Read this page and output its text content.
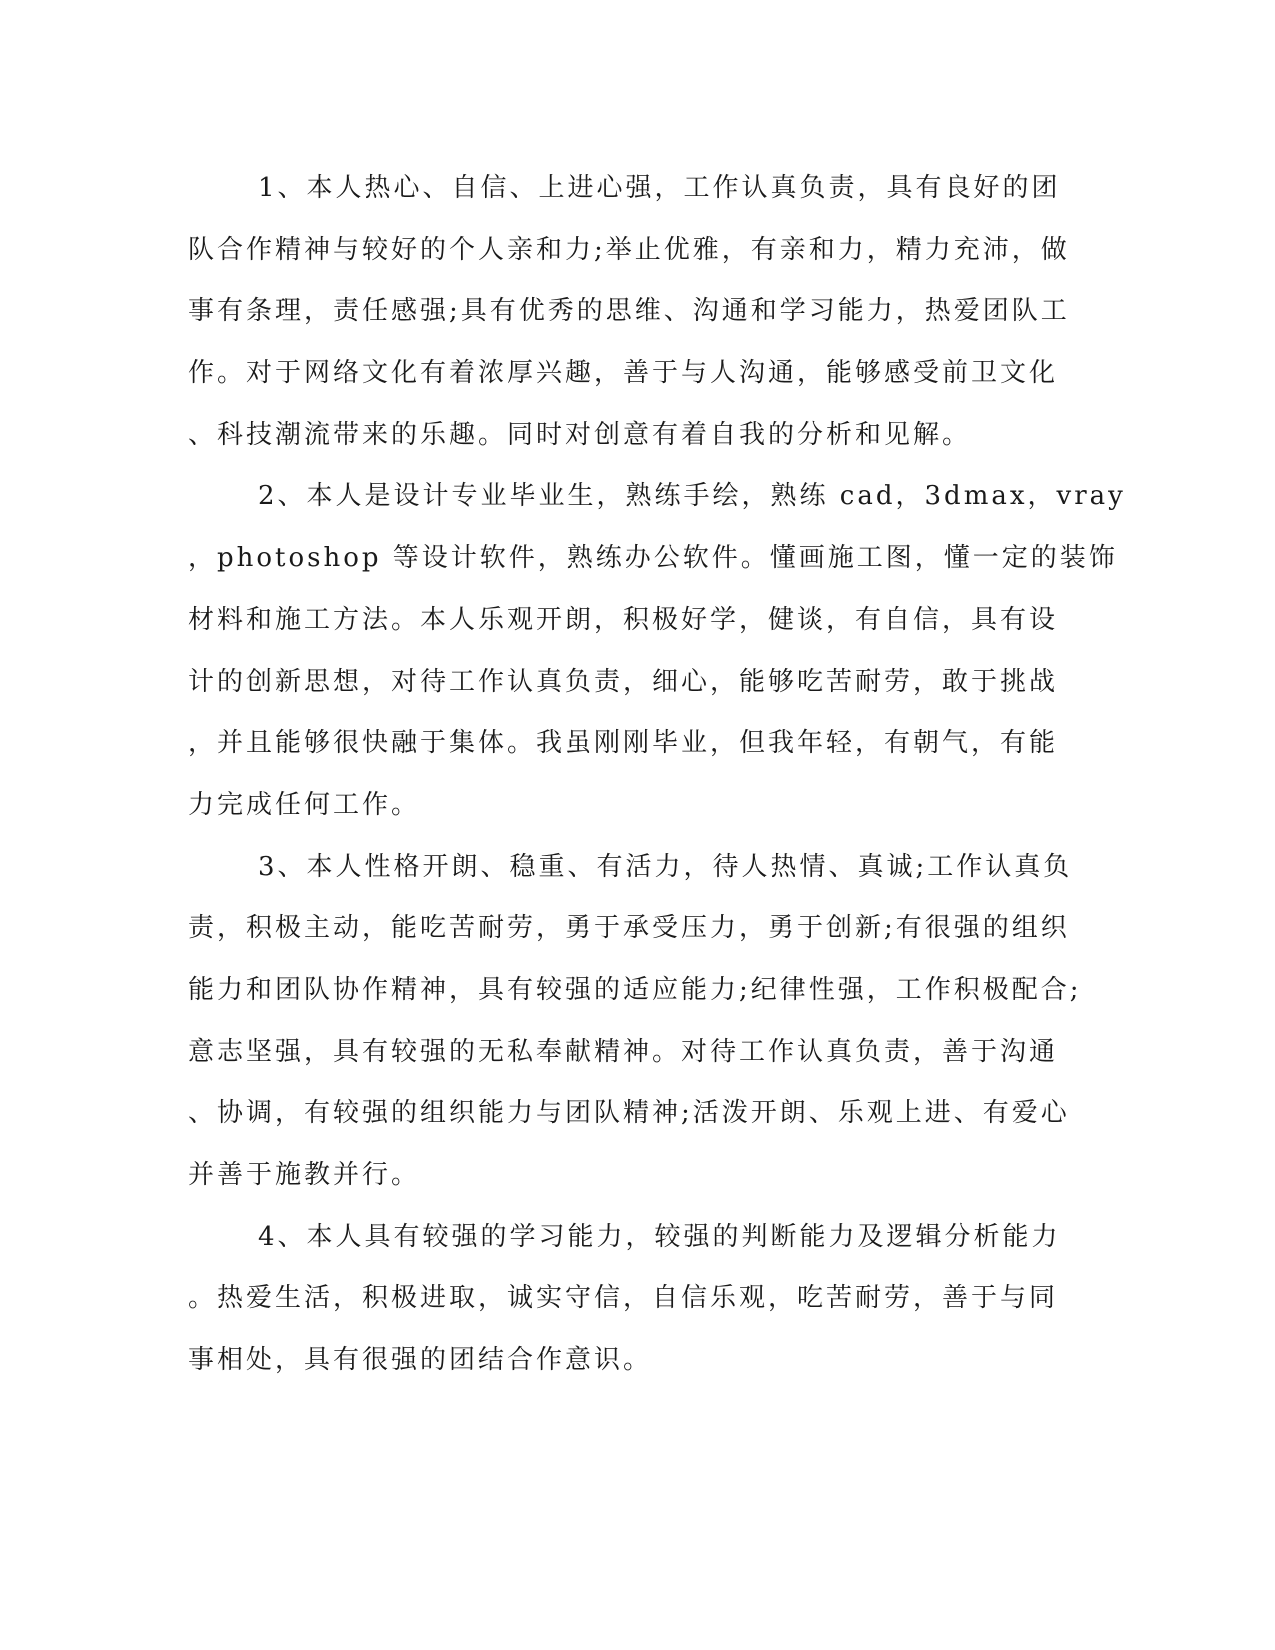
1、本人热心、自信、上进心强，工作认真负责，具有良好的团
队合作精神与较好的个人亲和力;举止优雅，有亲和力，精力充沛，做
事有条理，责任感强;具有优秀的思维、沟通和学习能力，热爱团队工
作。对于网络文化有着浓厚兴趣，善于与人沟通，能够感受前卫文化
、科技潮流带来的乐趣。同时对创意有着自我的分析和见解。
2、本人是设计专业毕业生，熟练手绘，熟练 cad，3dmax，vray
，photoshop 等设计软件，熟练办公软件。懂画施工图，懂一定的装饰
材料和施工方法。本人乐观开朗，积极好学，健谈，有自信，具有设
计的创新思想，对待工作认真负责，细心，能够吃苦耐劳，敢于挑战
，并且能够很快融于集体。我虽刚刚毕业，但我年轻，有朝气，有能
力完成任何工作。
3、本人性格开朗、稳重、有活力，待人热情、真诚;工作认真负
责，积极主动，能吃苦耐劳，勇于承受压力，勇于创新;有很强的组织
能力和团队协作精神，具有较强的适应能力;纪律性强，工作积极配合;
意志坚强，具有较强的无私奉献精神。对待工作认真负责，善于沟通
、协调，有较强的组织能力与团队精神;活泼开朗、乐观上进、有爱心
并善于施教并行。
4、本人具有较强的学习能力，较强的判断能力及逻辑分析能力
。热爱生活，积极进取，诚实守信，自信乐观，吃苦耐劳，善于与同
事相处，具有很强的团结合作意识。
